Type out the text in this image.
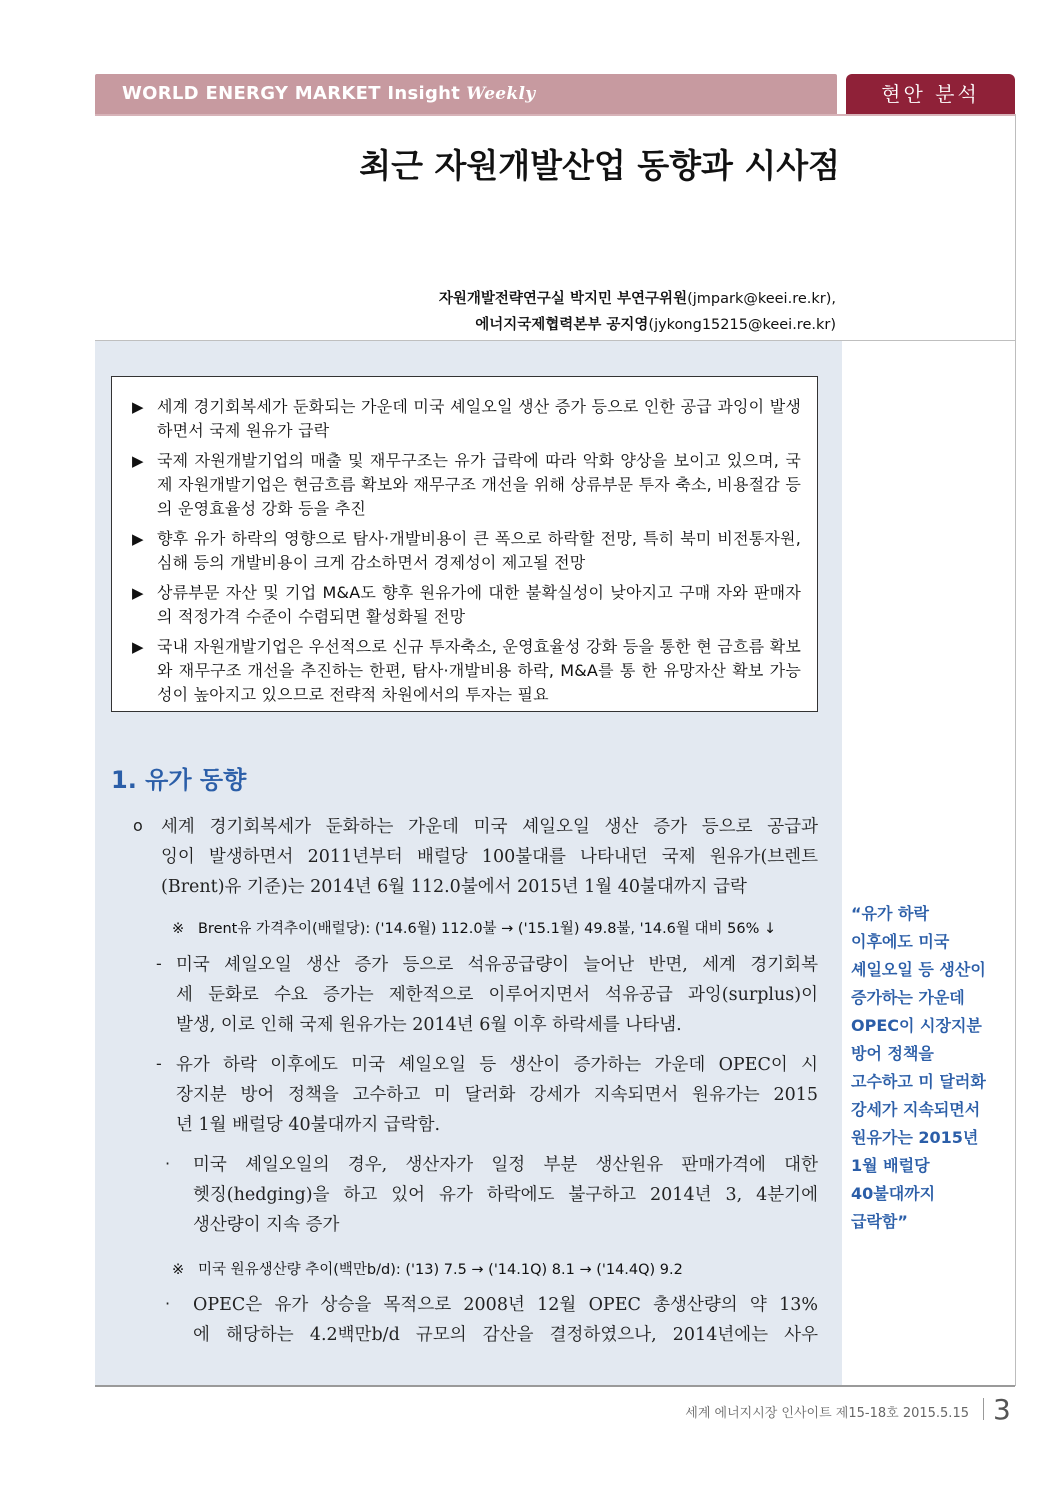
WORLD ENERGY MARKET Insight Weekly	현안 분석
최근 자원개발산업 동향과 시사점
자원개발전략연구실 박지민 부연구위원(jmpark@keei.re.kr),
에너지국제협력본부 공지영(jykong15215@keei.re.kr)
▶ 세계 경기회복세가 둔화되는 가운데 미국 셰일오일 생산 증가 등으로 인한 공급 과잉이 발생하면서 국제 원유가 급락
▶ 국제 자원개발기업의 매출 및 재무구조는 유가 급락에 따라 악화 양상을 보이고 있으며, 국제 자원개발기업은 현금흐름 확보와 재무구조 개선을 위해 상류부문 투자 축소, 비용절감 등의 운영효율성 강화 등을 추진
▶ 향후 유가 하락의 영향으로 탐사·개발비용이 큰 폭으로 하락할 전망, 특히 북미 비전통자원, 심해 등의 개발비용이 크게 감소하면서 경제성이 제고될 전망
▶ 상류부문 자산 및 기업 M&A도 향후 원유가에 대한 불확실성이 낮아지고 구매 자와 판매자의 적정가격 수준이 수렴되면 활성화될 전망
▶ 국내 자원개발기업은 우선적으로 신규 투자축소, 운영효율성 강화 등을 통한 현 금흐름 확보와 재무구조 개선을 추진하는 한편, 탐사·개발비용 하락, M&A를 통 한 유망자산 확보 가능성이 높아지고 있으므로 전략적 차원에서의 투자는 필요
1. 유가 동향
o 세계 경기회복세가 둔화하는 가운데 미국 셰일오일 생산 증가 등으로 공급과
잉이 발생하면서 2011년부터 배럴당 100불대를 나타내던 국제 원유가(브렌트
(Brent)유 기준)는 2014년 6월 112.0불에서 2015년 1월 40불대까지 급락
※ Brent유 가격추이(배럴당): ('14.6월) 112.0불 → ('15.1월) 49.8불, '14.6월 대비 56% ↓
- 미국 셰일오일 생산 증가 등으로 석유공급량이 늘어난 반면, 세계 경기회복
세 둔화로 수요 증가는 제한적으로 이루어지면서 석유공급 과잉(surplus)이
발생, 이로 인해 국제 원유가는 2014년 6월 이후 하락세를 나타냄.
- 유가 하락 이후에도 미국 셰일오일 등 생산이 증가하는 가운데 OPEC이 시
장지분 방어 정책을 고수하고 미 달러화 강세가 지속되면서 원유가는 2015
년 1월 배럴당 40불대까지 급락함.
· 미국 셰일오일의 경우, 생산자가 일정 부분 생산원유 판매가격에 대한
헷징(hedging)을 하고 있어 유가 하락에도 불구하고 2014년 3, 4분기에
생산량이 지속 증가
※ 미국 원유생산량 추이(백만b/d): ('13) 7.5 → ('14.1Q) 8.1 → ('14.4Q) 9.2
· OPEC은 유가 상승을 목적으로 2008년 12월 OPEC 총생산량의 약 13%
에 해당하는 4.2백만b/d 규모의 감산을 결정하였으나, 2014년에는 사우
“유가 하락
이후에도 미국
셰일오일 등 생산이
증가하는 가운데
OPEC이 시장지분
방어 정책을
고수하고 미 달러화
강세가 지속되면서
원유가는 2015년
1월 배럴당
40불대까지
급락함”
세계 에너지시장 인사이트 제15-18호 2015.5.15 3
